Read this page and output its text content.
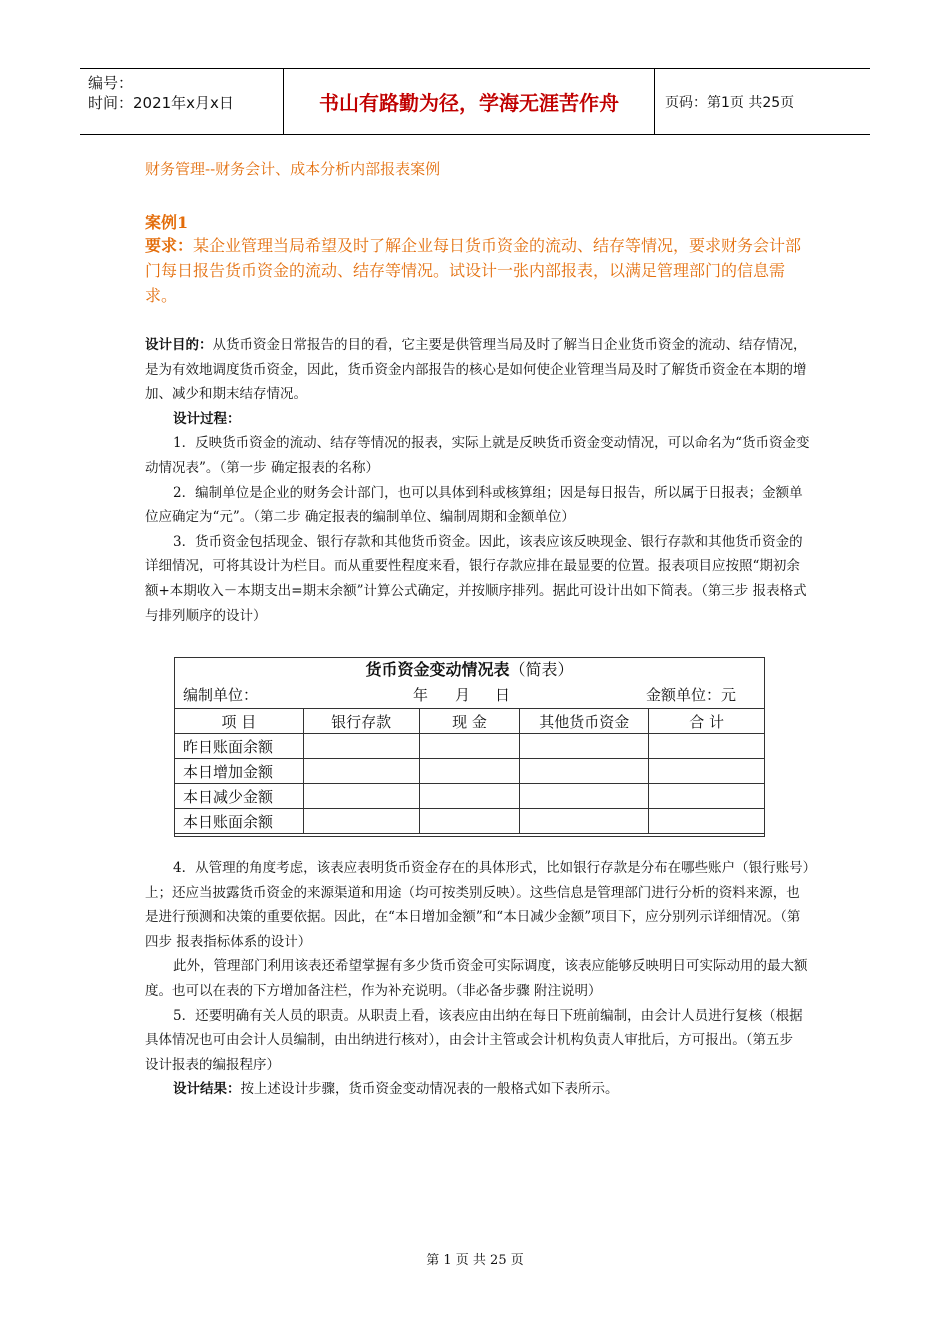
编号：
时间：2021年x月x日	书山有路勤为径，学海无涯苦作舟	页码：第1页 共25页
财务管理--财务会计、成本分析内部报表案例
案例1
要求：某企业管理当局希望及时了解企业每日货币资金的流动、结存等情况，要求财务会计部门每日报告货币资金的流动、结存等情况。试设计一张内部报表，以满足管理部门的信息需求。

设计目的：从货币资金日常报告的目的看，它主要是供管理当局及时了解当日企业货币资金的流动、结存情况，是为有效地调度货币资金，因此，货币资金内部报告的核心是如何使企业管理当局及时了解货币资金在本期的增加、减少和期末结存情况。

设计过程：

1．反映货币资金的流动、结存等情况的报表，实际上就是反映货币资金变动情况，可以命名为“货币资金变动情况表”。（第一步 确定报表的名称）

2．编制单位是企业的财务会计部门，也可以具体到科或核算组；因是每日报告，所以属于日报表；金额单位应确定为“元”。（第二步 确定报表的编制单位、编制周期和金额单位）

3．货币资金包括现金、银行存款和其他货币资金。因此，该表应该反映现金、银行存款和其他货币资金的详细情况，可将其设计为栏目。而从重要性程度来看，银行存款应排在最显要的位置。报表项目应按照“期初余额+本期收入－本期支出=期末余额”计算公式确定，并按顺序排列。据此可设计出如下简表。（第三步 报表格式与排列顺序的设计）

货币资金变动情况表（简表）
编制单位：	年 月 日	金额单位：元
项 目	银行存款	现 金	其他货币资金	合 计
昨日账面余额				
本日增加金额				
本日减少金额				
本日账面余额				

4．从管理的角度考虑，该表应表明货币资金存在的具体形式，比如银行存款是分布在哪些账户（银行账号）上；还应当披露货币资金的来源渠道和用途（均可按类别反映）。这些信息是管理部门进行分析的资料来源，也是进行预测和决策的重要依据。因此，在“本日增加金额”和“本日减少金额”项目下，应分别列示详细情况。（第四步 报表指标体系的设计）

此外，管理部门利用该表还希望掌握有多少货币资金可实际调度，该表应能够反映明日可实际动用的最大额度。也可以在表的下方增加备注栏，作为补充说明。（非必备步骤 附注说明）

5．还要明确有关人员的职责。从职责上看，该表应由出纳在每日下班前编制，由会计人员进行复核（根据具体情况也可由会计人员编制，由出纳进行核对），由会计主管或会计机构负责人审批后，方可报出。（第五步 设计报表的编报程序）

设计结果：按上述设计步骤，货币资金变动情况表的一般格式如下表所示。

第 1 页 共 25 页
